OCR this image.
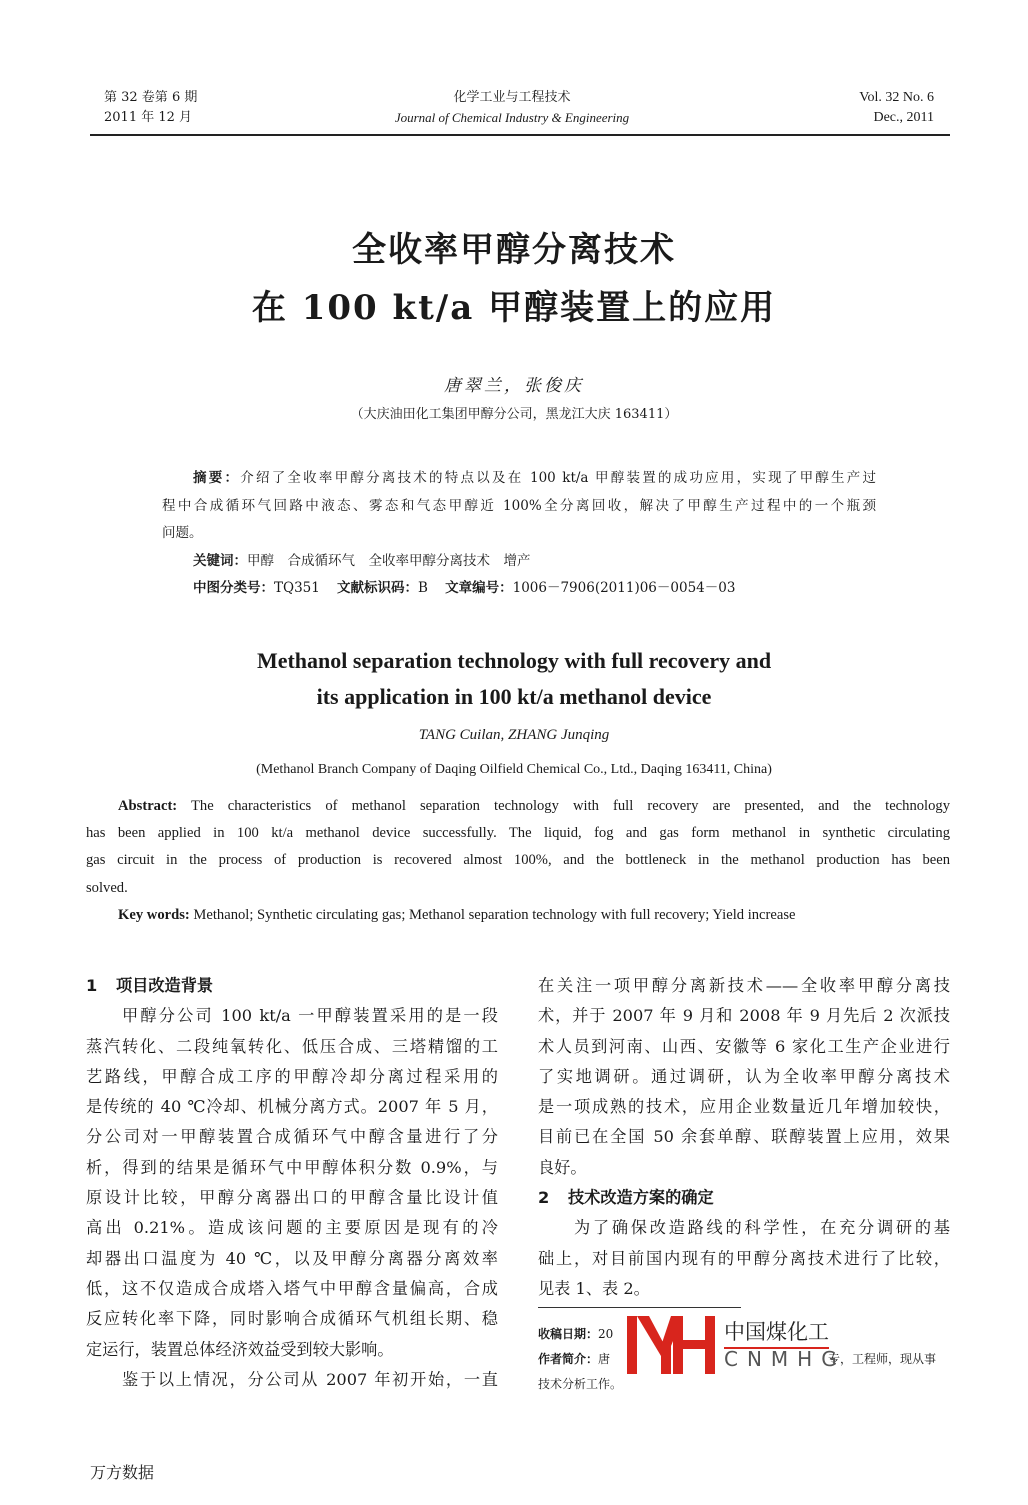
第 32 卷第 6 期
2011 年 12 月
化学工业与工程技术
Journal of Chemical Industry & Engineering
Vol. 32 No. 6
Dec., 2011
全收率甲醇分离技术
在 100 kt/a 甲醇装置上的应用
唐翠兰，张俊庆
（大庆油田化工集团甲醇分公司，黑龙江大庆 163411）
摘要：介绍了全收率甲醇分离技术的特点以及在 100 kt/a 甲醇装置的成功应用，实现了甲醇生产过
程中合成循环气回路中液态、雾态和气态甲醇近 100%全分离回收，解决了甲醇生产过程中的一个瓶颈
问题。
关键词：甲醇　合成循环气　全收率甲醇分离技术　增产
中图分类号：TQ351 文献标识码：B 文章编号：1006－7906(2011)06－0054－03
Methanol separation technology with full recovery and
its application in 100 kt/a methanol device
TANG Cuilan, ZHANG Junqing
(Methanol Branch Company of Daqing Oilfield Chemical Co., Ltd., Daqing 163411, China)
Abstract: The characteristics of methanol separation technology with full recovery are presented, and the technology
has been applied in 100 kt/a methanol device successfully. The liquid, fog and gas form methanol in synthetic circulating
gas circuit in the process of production is recovered almost 100%, and the bottleneck in the methanol production has been
solved.
Key words: Methanol; Synthetic circulating gas; Methanol separation technology with full recovery; Yield increase
1 项目改造背景
甲醇分公司 100 kt/a 一甲醇装置采用的是一段
蒸汽转化、二段纯氧转化、低压合成、三塔精馏的工
艺路线，甲醇合成工序的甲醇冷却分离过程采用的
是传统的 40 ℃冷却、机械分离方式。2007 年 5 月，
分公司对一甲醇装置合成循环气中醇含量进行了分
析，得到的结果是循环气中甲醇体积分数 0.9%，与
原设计比较，甲醇分离器出口的甲醇含量比设计值
高出 0.21%。造成该问题的主要原因是现有的冷
却器出口温度为 40 ℃，以及甲醇分离器分离效率
低，这不仅造成合成塔入塔气中甲醇含量偏高，合成
反应转化率下降，同时影响合成循环气机组长期、稳
定运行，装置总体经济效益受到较大影响。
鉴于以上情况，分公司从 2007 年初开始，一直
在关注一项甲醇分离新技术——全收率甲醇分离技
术，并于 2007 年 9 月和 2008 年 9 月先后 2 次派技
术人员到河南、山西、安徽等 6 家化工生产企业进行
了实地调研。通过调研，认为全收率甲醇分离技术
是一项成熟的技术，应用企业数量近几年增加较快，
目前已在全国 50 余套单醇、联醇装置上应用，效果
良好。
2 技术改造方案的确定
为了确保改造路线的科学性，在充分调研的基
础上，对目前国内现有的甲醇分离技术进行了比较，
见表 1、表 2。
收稿日期：20
作者简介：唐	专，工程师，现从事
技术分析工作。
中国煤化工
CNMHG
万方数据
